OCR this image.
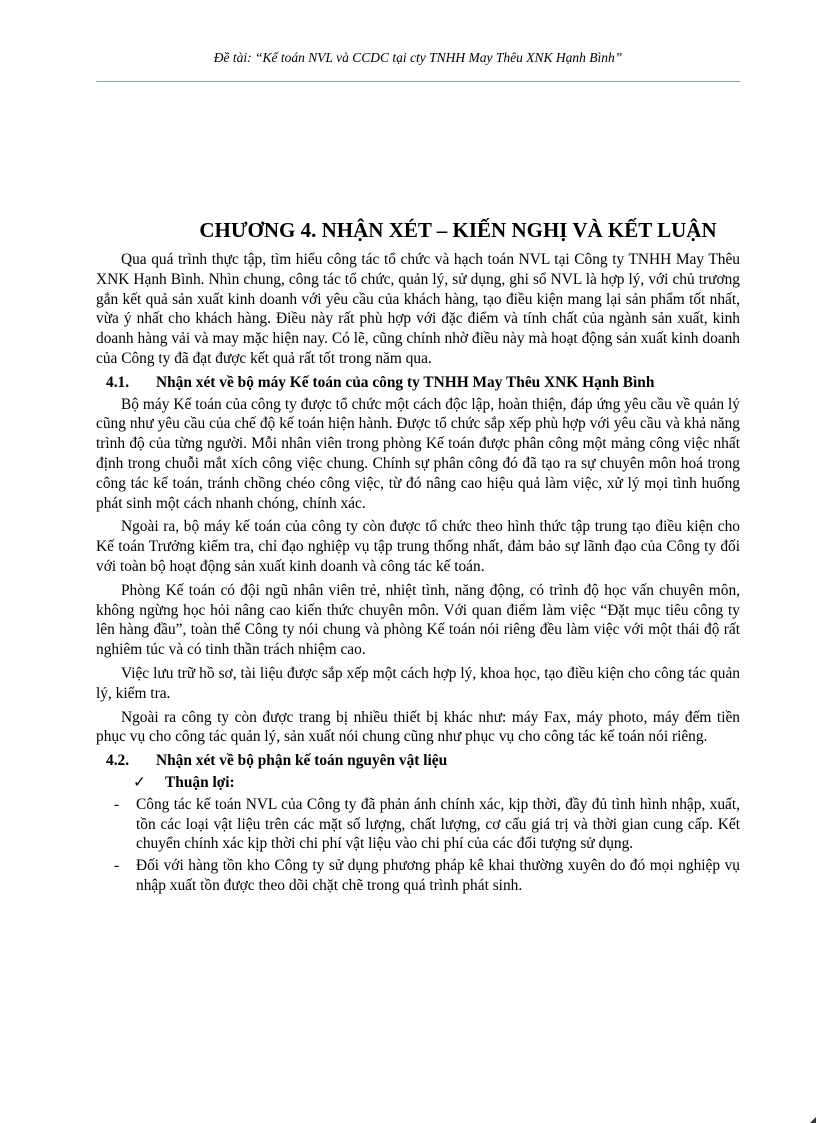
Đề tài: “Kế toán NVL và CCDC tại cty TNHH May Thêu XNK Hạnh Bình”
CHƯƠNG 4. NHẬN XÉT – KIẾN NGHỊ VÀ KẾT LUẬN

Qua quá trình thực tập, tìm hiểu công tác tổ chức và hạch toán NVL tại Công ty TNHH May Thêu XNK Hạnh Bình. Nhìn chung, công tác tổ chức, quản lý, sử dụng, ghi sổ NVL là hợp lý, với chủ trương gắn kết quả sản xuất kinh doanh với yêu cầu của khách hàng, tạo điều kiện mang lại sản phẩm tốt nhất, vừa ý nhất cho khách hàng. Điều này rất phù hợp với đặc điểm và tính chất của ngành sản xuất, kinh doanh hàng vải và may mặc hiện nay. Có lẽ, cũng chính nhờ điều này mà hoạt động sản xuất kinh doanh của Công ty đã đạt được kết quả rất tốt trong năm qua.

4.1. Nhận xét về bộ máy Kế toán của công ty TNHH May Thêu XNK Hạnh Bình

Bộ máy Kế toán của công ty được tổ chức một cách độc lập, hoàn thiện, đáp ứng yêu cầu về quản lý cũng như yêu cầu của chế độ kế toán hiện hành. Được tổ chức sắp xếp phù hợp với yêu cầu và khả năng trình độ của từng người. Mỗi nhân viên trong phòng Kế toán được phân công một mảng công việc nhất định trong chuỗi mắt xích công việc chung. Chính sự phân công đó đã tạo ra sự chuyên môn hoá trong công tác kế toán, tránh chồng chéo công việc, từ đó nâng cao hiệu quả làm việc, xử lý mọi tình huống phát sinh một cách nhanh chóng, chính xác.

Ngoài ra, bộ máy kế toán của công ty còn được tổ chức theo hình thức tập trung tạo điều kiện cho Kế toán Trưởng kiểm tra, chỉ đạo nghiệp vụ tập trung thống nhất, đảm bảo sự lãnh đạo của Công ty đối với toàn bộ hoạt động sản xuất kinh doanh và công tác kế toán.

Phòng Kế toán có đội ngũ nhân viên trẻ, nhiệt tình, năng động, có trình độ học vấn chuyên môn, không ngừng học hỏi nâng cao kiến thức chuyên môn. Với quan điểm làm việc “Đặt mục tiêu công ty lên hàng đầu”, toàn thể Công ty nói chung và phòng Kế toán nói riêng đều làm việc với một thái độ rất nghiêm túc và có tinh thần trách nhiệm cao.

Việc lưu trữ hồ sơ, tài liệu được sắp xếp một cách hợp lý, khoa học, tạo điều kiện cho công tác quản lý, kiểm tra.

Ngoài ra công ty còn được trang bị nhiều thiết bị khác như: máy Fax, máy photo, máy đếm tiền phục vụ cho công tác quản lý, sản xuất nói chung cũng như phục vụ cho công tác kế toán nói riêng.

4.2. Nhận xét về bộ phận kế toán nguyên vật liệu
✓ Thuận lợi:
- Công tác kế toán NVL của Công ty đã phản ánh chính xác, kịp thời, đầy đủ tình hình nhập, xuất, tồn các loại vật liệu trên các mặt số lượng, chất lượng, cơ cấu giá trị và thời gian cung cấp. Kết chuyển chính xác kịp thời chi phí vật liệu vào chi phí của các đối tượng sử dụng.
- Đối với hàng tồn kho Công ty sử dụng phương pháp kê khai thường xuyên do đó mọi nghiệp vụ nhập xuất tồn được theo dõi chặt chẽ trong quá trình phát sinh.
